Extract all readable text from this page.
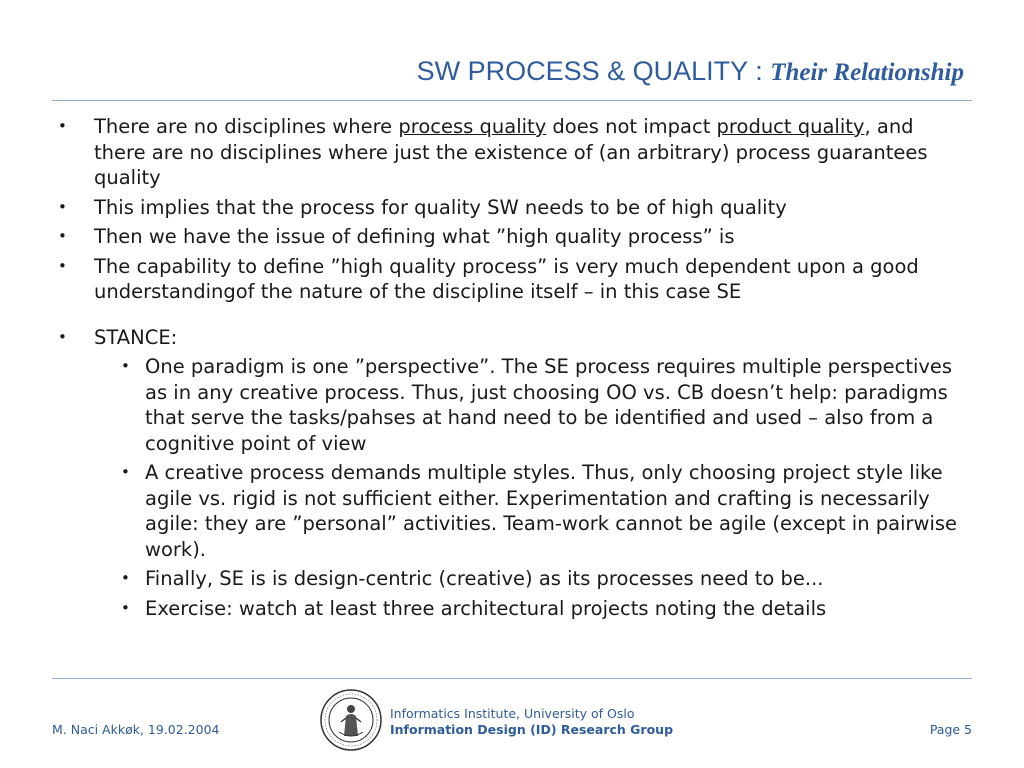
SW PROCESS & QUALITY : Their Relationship
• There are no disciplines where process quality does not impact product quality, and there are no disciplines where just the existence of (an arbitrary) process guarantees quality
• This implies that the process for quality SW needs to be of high quality
• Then we have the issue of defining what ”high quality process” is
• The capability to define ”high quality process” is very much dependent upon a good understandingof the nature of the discipline itself – in this case SE
• STANCE:
• One paradigm is one ”perspective”. The SE process requires multiple perspectives as in any creative process. Thus, just choosing OO vs. CB doesn’t help: paradigms that serve the tasks/pahses at hand need to be identified and used – also from a cognitive point of view
• A creative process demands multiple styles. Thus, only choosing project style like agile vs. rigid is not sufficient either. Experimentation and crafting is necessarily agile: they are ”personal” activities. Team-work cannot be agile (except in pairwise work).
• Finally, SE is is design-centric (creative) as its processes need to be...
• Exercise: watch at least three architectural projects noting the details
M. Naci Akkøk, 19.02.2004
Informatics Institute, University of Oslo
Information Design (ID) Research Group	Page 5
